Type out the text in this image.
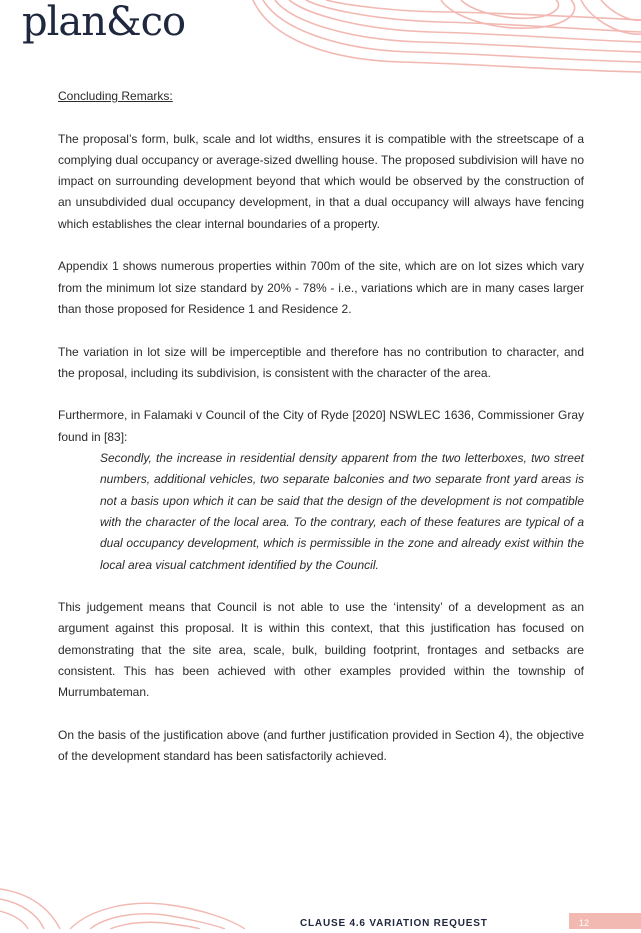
plan&co

Concluding Remarks:

The proposal’s form, bulk, scale and lot widths, ensures it is compatible with the streetscape of a complying dual occupancy or average-sized dwelling house. The proposed subdivision will have no impact on surrounding development beyond that which would be observed by the construction of an unsubdivided dual occupancy development, in that a dual occupancy will always have fencing which establishes the clear internal boundaries of a property.

Appendix 1 shows numerous properties within 700m of the site, which are on lot sizes which vary from the minimum lot size standard by 20% - 78% - i.e., variations which are in many cases larger than those proposed for Residence 1 and Residence 2.

The variation in lot size will be imperceptible and therefore has no contribution to character, and the proposal, including its subdivision, is consistent with the character of the area.

Furthermore, in Falamaki v Council of the City of Ryde [2020] NSWLEC 1636, Commissioner Gray found in [83]:

Secondly, the increase in residential density apparent from the two letterboxes, two street numbers, additional vehicles, two separate balconies and two separate front yard areas is not a basis upon which it can be said that the design of the development is not compatible with the character of the local area. To the contrary, each of these features are typical of a dual occupancy development, which is permissible in the zone and already exist within the local area visual catchment identified by the Council.

This judgement means that Council is not able to use the ‘intensity’ of a development as an argument against this proposal. It is within this context, that this justification has focused on demonstrating that the site area, scale, bulk, building footprint, frontages and setbacks are consistent. This has been achieved with other examples provided within the township of Murrumbateman.

On the basis of the justification above (and further justification provided in Section 4), the objective of the development standard has been satisfactorily achieved.

CLAUSE 4.6 VARIATION REQUEST	12
